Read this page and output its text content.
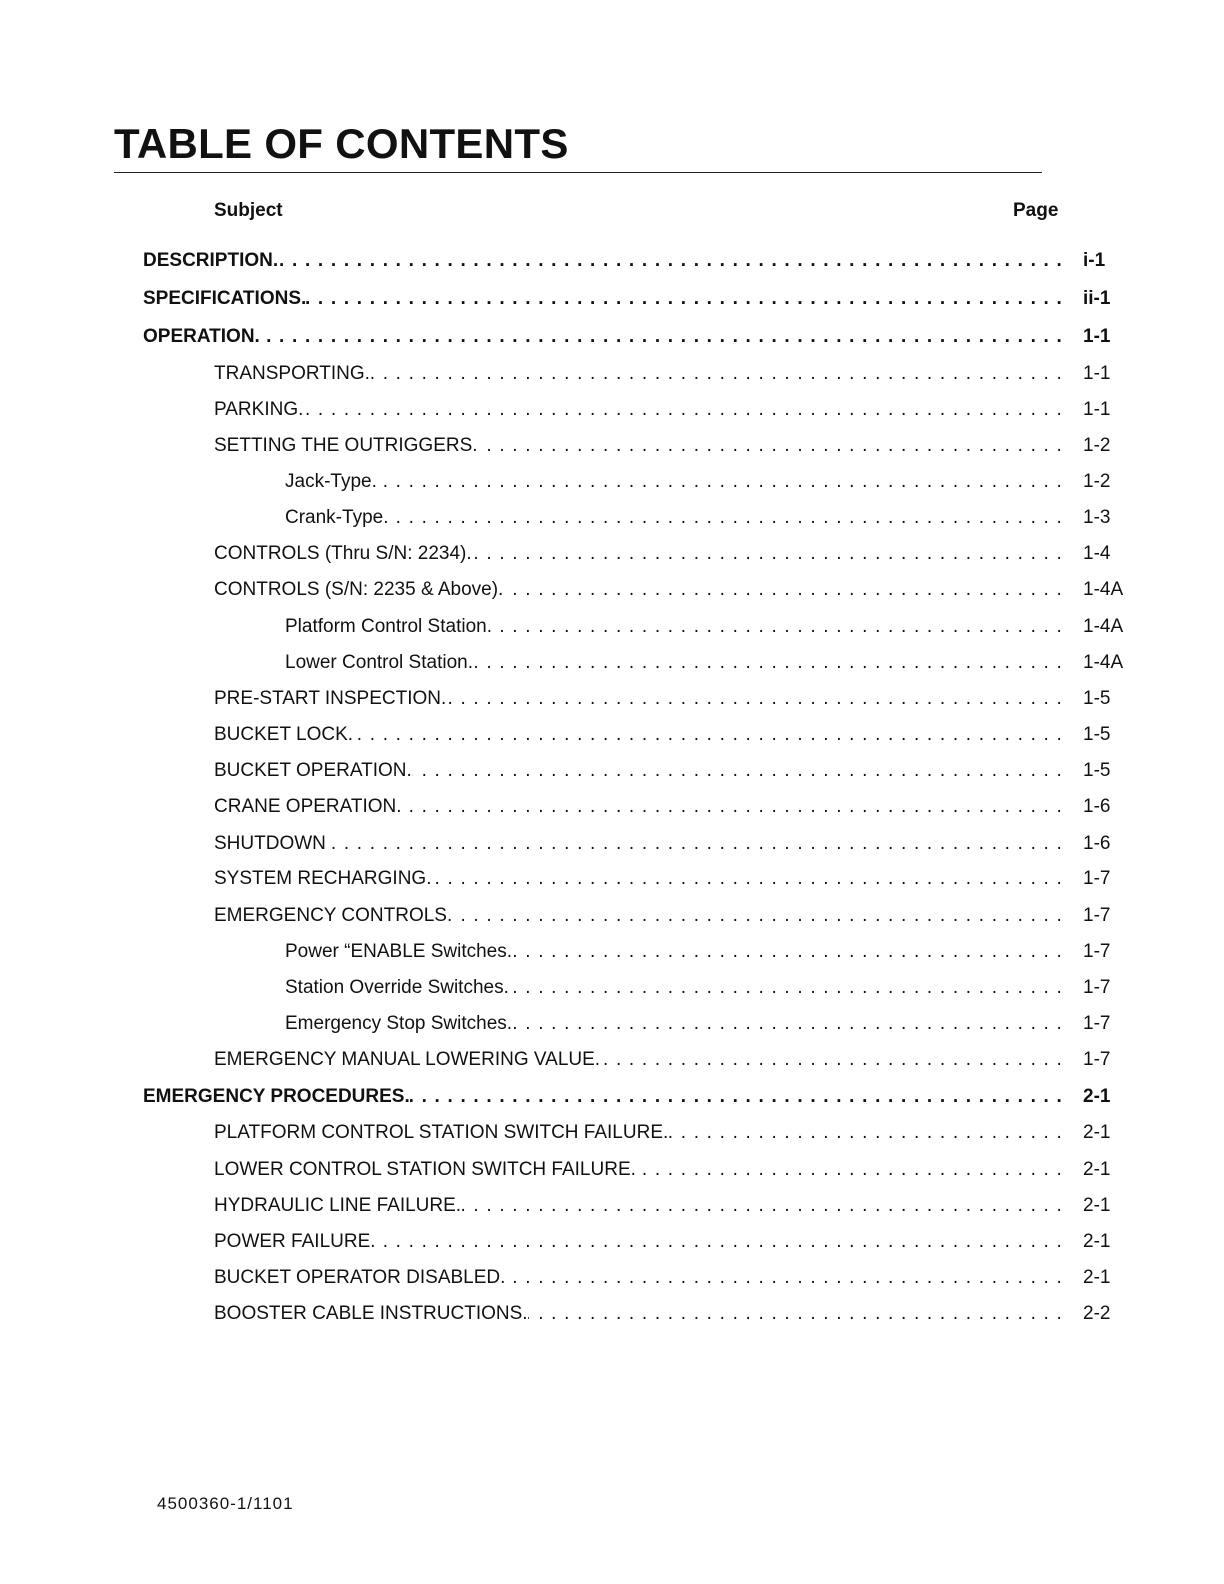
TABLE OF CONTENTS
Subject	Page
DESCRIPTION. . . .	i-1
SPECIFICATIONS. . . .	ii-1
OPERATION. . . .	1-1
TRANSPORTING. . . .	1-1
PARKING. . . .	1-1
SETTING THE OUTRIGGERS. . . .	1-2
Jack-Type. . . .	1-2
Crank-Type. . . .	1-3
CONTROLS (Thru S/N: 2234). . . .	1-4
CONTROLS (S/N: 2235 & Above). . . .	1-4A
Platform Control Station. . . .	1-4A
Lower Control Station. . . .	1-4A
PRE-START INSPECTION. . . .	1-5
BUCKET LOCK. . . .	1-5
BUCKET OPERATION. . . .	1-5
CRANE OPERATION. . . .	1-6
SHUTDOWN . . .	1-6
SYSTEM RECHARGING. . . .	1-7
EMERGENCY CONTROLS. . . .	1-7
Power “ENABLE Switches. . . .	1-7
Station Override Switches. . . .	1-7
Emergency Stop Switches. . . .	1-7
EMERGENCY MANUAL LOWERING VALUE. . . .	1-7
EMERGENCY PROCEDURES. . . .	2-1
PLATFORM CONTROL STATION SWITCH FAILURE. . . .	2-1
LOWER CONTROL STATION SWITCH FAILURE. . . .	2-1
HYDRAULIC LINE FAILURE. . . .	2-1
POWER FAILURE. . . .	2-1
BUCKET OPERATOR DISABLED. . . .	2-1
BOOSTER CABLE INSTRUCTIONS. . . .	2-2
4500360-1/1101
